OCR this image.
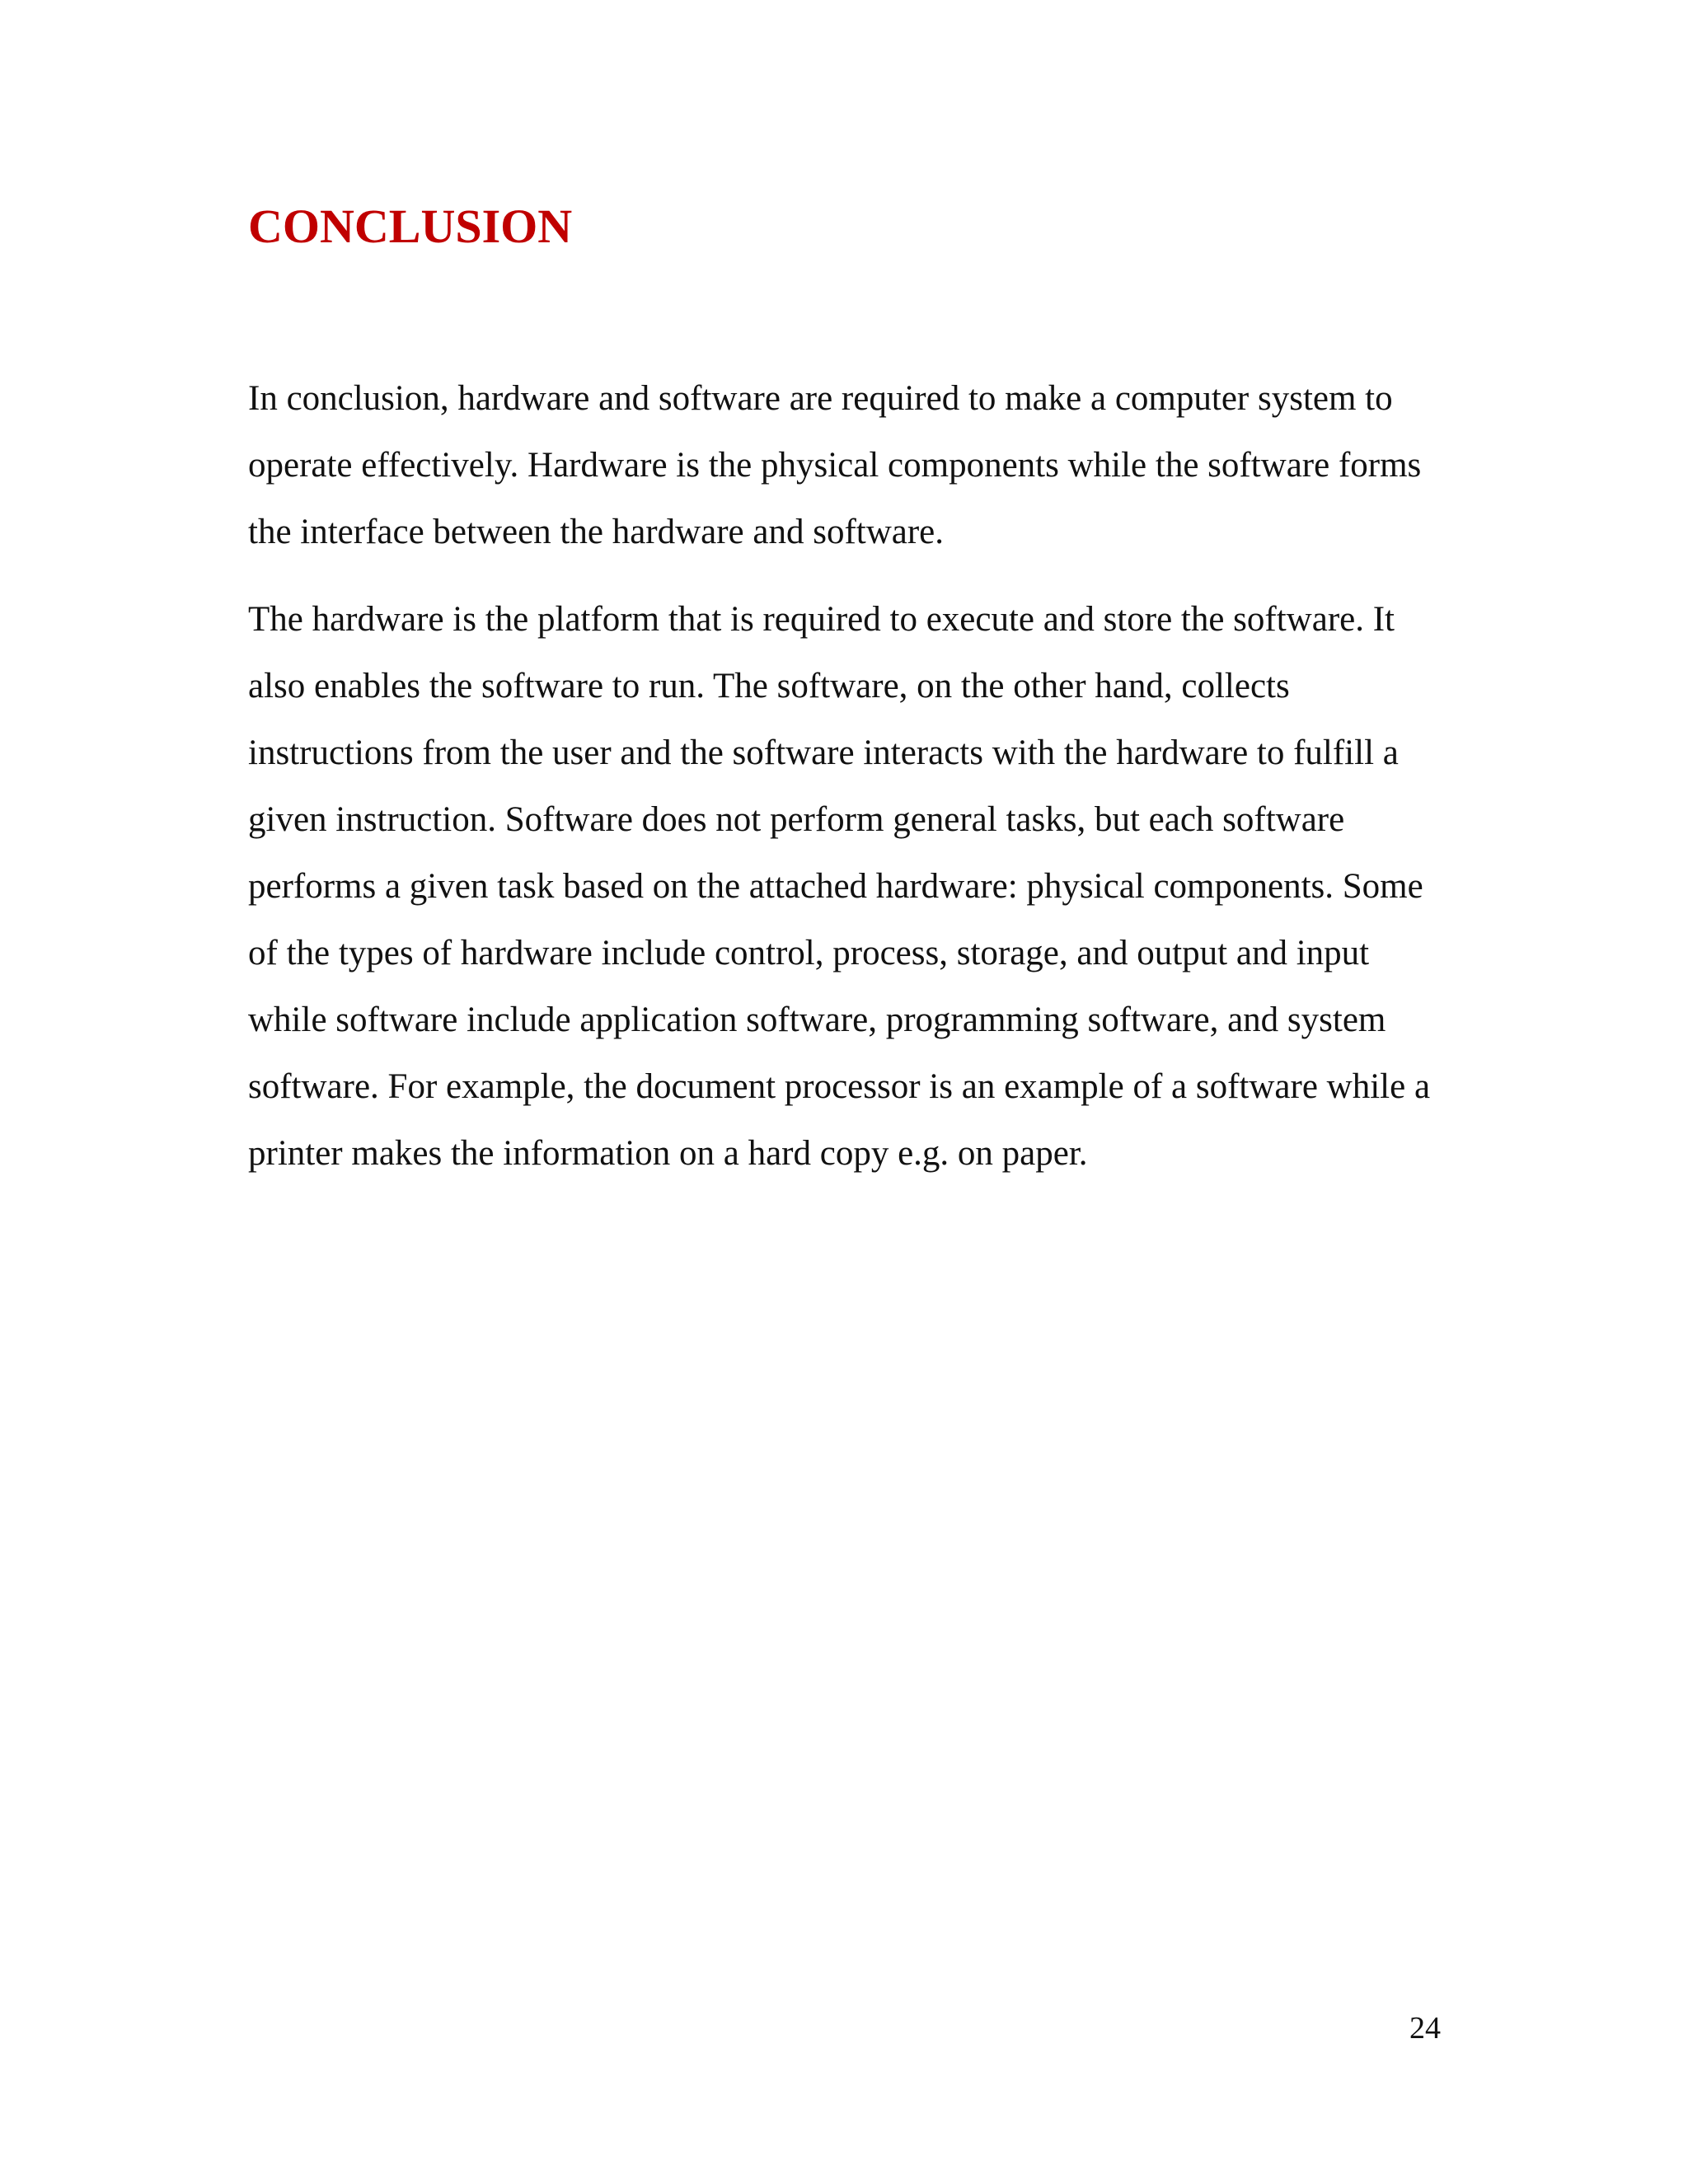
CONCLUSION

In conclusion, hardware and software are required to make a computer system to operate effectively. Hardware is the physical components while the software forms the interface between the hardware and software.

The hardware is the platform that is required to execute and store the software. It also enables the software to run. The software, on the other hand, collects instructions from the user and the software interacts with the hardware to fulfill a given instruction. Software does not perform general tasks, but each software performs a given task based on the attached hardware: physical components. Some of the types of hardware include control, process, storage, and output and input while software include application software, programming software, and system software. For example, the document processor is an example of a software while a printer makes the information on a hard copy e.g. on paper.

24
